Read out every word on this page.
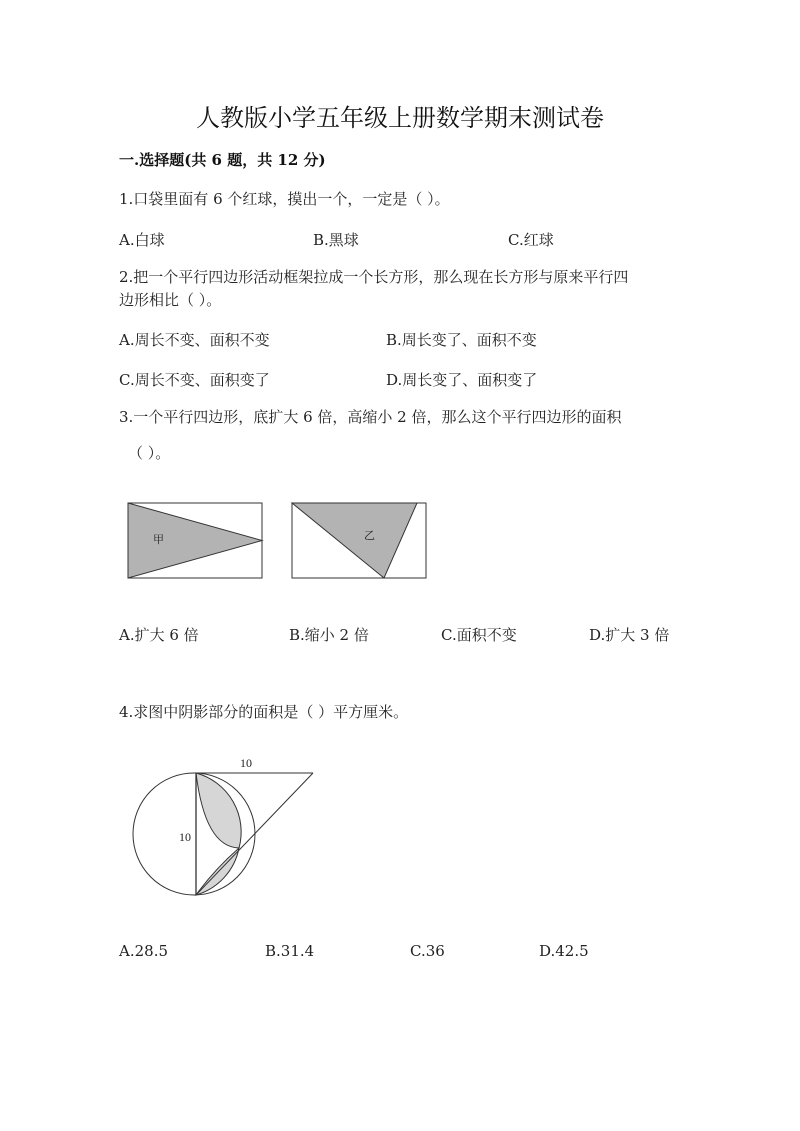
人教版小学五年级上册数学期末测试卷
一.选择题(共 6 题，共 12 分)
1.口袋里面有 6 个红球，摸出一个，一定是（ ）。
A.白球	B.黑球	C.红球
2.把一个平行四边形活动框架拉成一个长方形，那么现在长方形与原来平行四
边形相比（ ）。
A.周长不变、面积不变	B.周长变了、面积不变
C.周长不变、面积变了	D.周长变了、面积变了
3.一个平行四边形，底扩大 6 倍，高缩小 2 倍，那么这个平行四边形的面积
（ ）。
甲	乙
A.扩大 6 倍	B.缩小 2 倍	C.面积不变	D.扩大 3 倍
4.求图中阴影部分的面积是（ ）平方厘米。
10
10
A.28.5	B.31.4	C.36	D.42.5
